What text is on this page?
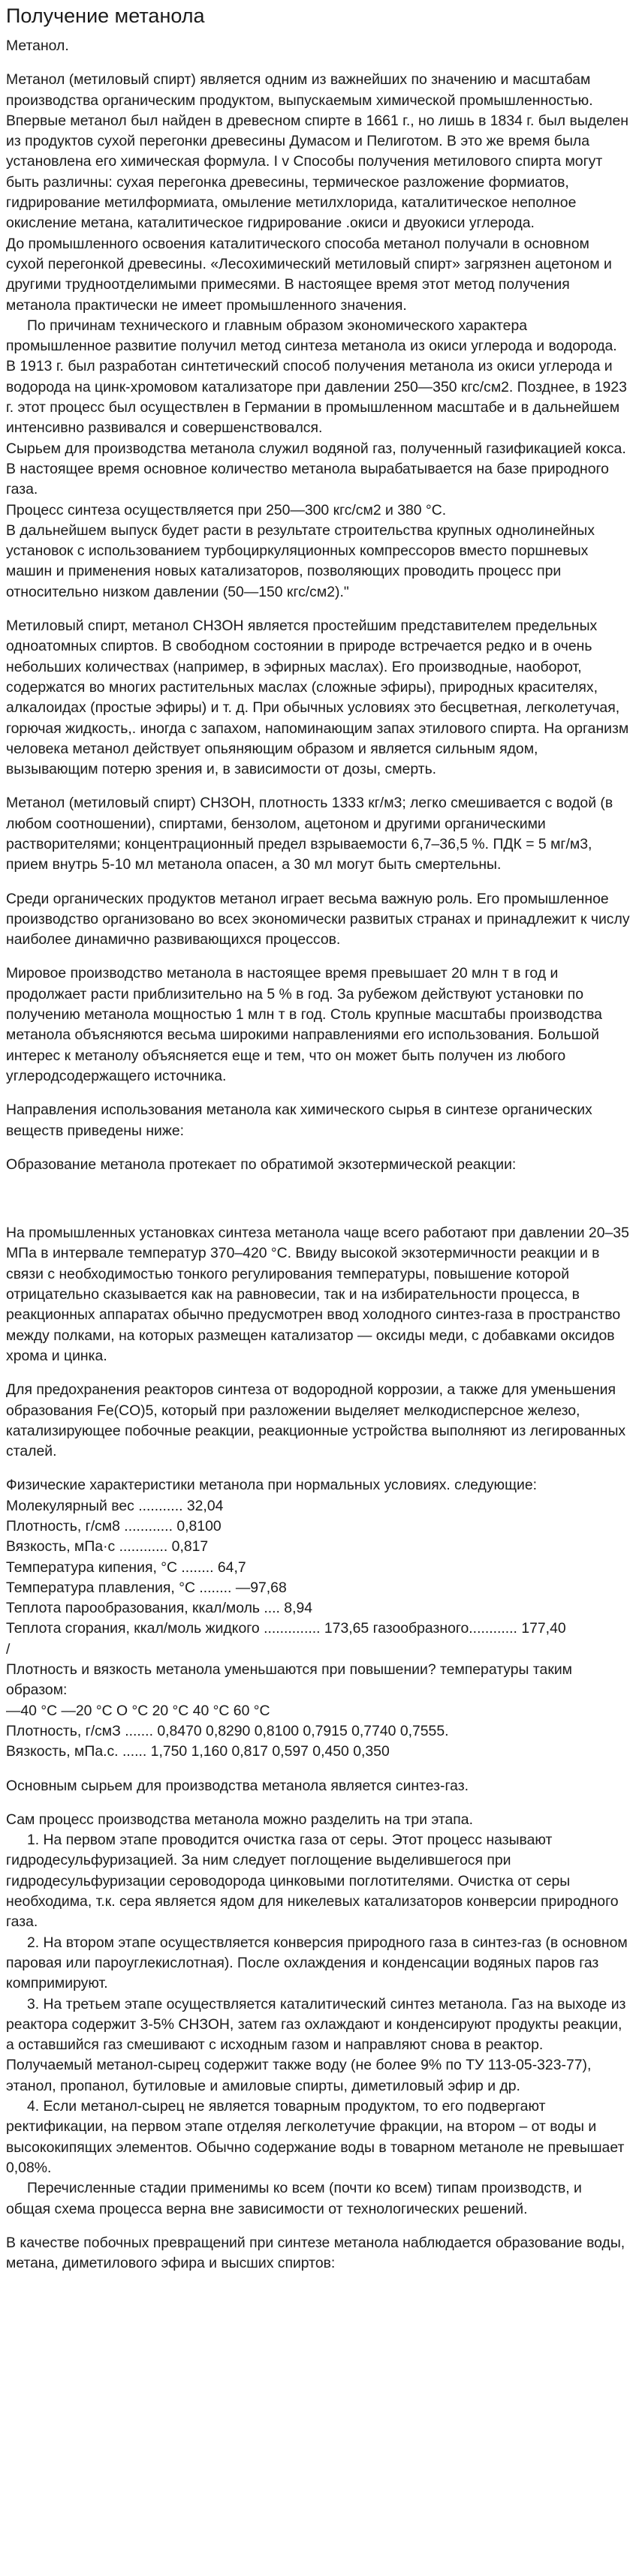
Получение метанола

Метанол.

Метанол (метиловый спирт) является одним из важнейших по значению и масштабам производства органическим продуктом, выпускаемым химической промышленностью. Впервые метанол был найден в древесном спирте в 1661 г., но лишь в 1834 г. был выделен из продуктов сухой перегонки древесины Думасом и Пелиготом. В это же время была установлена его химическая формула. I v Способы получения метилового спирта могут быть различны: сухая перегонка древесины, термическое разложение формиатов, гидрирование метилформиата, омыление метилхлорида, каталитическое неполное окисление метана, каталитическое гидрирование .окиси и двуокиси углерода.
До промышленного освоения каталитического способа метанол получали в основном сухой перегонкой древесины. «Лесохимический метиловый спирт» загрязнен ацетоном и другими трудноотделимыми примесями. В настоящее время этот метод получения метанола практически не имеет промышленного значения.
По причинам технического и главным образом экономического характера промышленное развитие получил метод синтеза метанола из окиси углерода и водорода.
В 1913 г. был разработан синтетический способ получения метанола из окиси углерода и водорода на цинк-хромовом катализаторе при давлении 250—350 кгс/см2. Позднее, в 1923 г. этот процесс был осуществлен в Германии в промышленном масштабе и в дальнейшем интенсивно развивался и совершенствовался.
Сырьем для производства метанола служил водяной газ, полученный газификацией кокса. В настоящее время основное количество метанола вырабатывается на базе природного газа.
Процесс синтеза осуществляется при 250—300 кгс/см2 и 380 °С.
В дальнейшем выпуск будет расти в результате строительства крупных однолинейных установок с использованием турбоциркуляционных компрессоров вместо поршневых машин и применения новых катализаторов, позволяющих проводить процесс при относительно низком давлении (50—150 кгс/см2)."

Метиловый спирт, метанол CH3OH является простейшим представителем предельных одноатомных спиртов. В свободном состоянии в природе встречается редко и в очень небольших количествах (например, в эфирных маслах). Его производные, наоборот, содержатся во многих растительных маслах (сложные эфиры), природных красителях, алкалоидах (простые эфиры) и т. д. При обычных условиях это бесцветная, легколетучая, горючая жидкость,. иногда с запахом, напоминающим запах этилового спирта. На организм человека метанол действует опьяняющим образом и является сильным ядом, вызывающим потерю зрения и, в зависимости от дозы, смерть.

Метанол (метиловый спирт) CH3OH, плотность 1333 кг/м3; легко смешивается с водой (в любом соотношении), спиртами, бензолом, ацетоном и другими органическими растворителями; концентрационный предел взрываемости 6,7–36,5 %. ПДК = 5 мг/м3, прием внутрь 5-10 мл метанола опасен, а 30 мл могут быть смертельны.

Среди органических продуктов метанол играет весьма важную роль. Его промышленное производство организовано во всех экономически развитых странах и принадлежит к числу наиболее динамично развивающихся процессов.

Мировое производство метанола в настоящее время превышает 20 млн т в год и продолжает расти приблизительно на 5 % в год. За рубежом действуют установки по получению метанола мощностью 1 млн т в год. Столь крупные масштабы производства метанола объясняются весьма широкими направлениями его использования. Большой интерес к метанолу объясняется еще и тем, что он может быть получен из любого углеродсодержащего источника.

Направления использования метанола как химического сырья в синтезе органических веществ приведены ниже:

Образование метанола протекает по обратимой экзотермической реакции:

На промышленных установках синтеза метанола чаще всего работают при давлении 20–35 МПа в интервале температур 370–420 °С. Ввиду высокой экзотермичности реакции и в связи с необходимостью тонкого регулирования температуры, повышение которой отрицательно сказывается как на равновесии, так и на избирательности процесса, в реакционных аппаратах обычно предусмотрен ввод холодного синтез-газа в пространство между полками, на которых размещен катализатор — оксиды меди, с добавками оксидов хрома и цинка.

Для предохранения реакторов синтеза от водородной коррозии, а также для уменьшения образования Fe(CO)5, который при разложении выделяет мелкодисперсное железо, катализирующее побочные реакции, реакционные устройства выполняют из легированных сталей.

Физические характеристики метанола при нормальных условиях. следующие:
Молекулярный вес ........... 32,04
Плотность, г/см8 ............ 0,8100
Вязкость, мПа·с ............ 0,817
Температура кипения, °С ........ 64,7
Температура плавления, °С ........ —97,68
Теплота парообразования, ккал/моль .... 8,94
Теплота сгорания, ккал/моль жидкого .............. 173,65 газообразного............ 177,40
/
Плотность и вязкость метанола уменьшаются при повышении? температуры таким образом:
—40 °С —20 °С О °С 20 °С 40 °С 60 °С
Плотность, г/смЗ ....... 0,8470 0,8290 0,8100 0,7915 0,7740 0,7555.
Вязкость, мПа.с. ...... 1,750 1,160 0,817 0,597 0,450 0,350

Основным сырьем для производства метанола является синтез-газ.

Сам процесс производства метанола можно разделить на три этапа.
1. На первом этапе проводится очистка газа от серы. Этот процесс называют гидродесульфуризацией. За ним следует поглощение выделившегося при гидродесульфуризации сероводорода цинковыми поглотителями. Очистка от серы необходима, т.к. сера является ядом для никелевых катализаторов конверсии природного газа.
2. На втором этапе осуществляется конверсия природного газа в синтез-газ (в основном паровая или пароуглекислотная). После охлаждения и конденсации водяных паров газ компримируют.
3. На третьем этапе осуществляется каталитический синтез метанола. Газ на выходе из реактора содержит 3-5% СНЗОН, затем газ охлаждают и конденсируют продукты реакции, а оставшийся газ смешивают с исходным газом и направляют снова в реактор. Получаемый метанол-сырец содержит также воду (не более 9% по ТУ 113-05-323-77), этанол, пропанол, бутиловые и амиловые спирты, диметиловый эфир и др.
4. Если метанол-сырец не является товарным продуктом, то его подвергают ректификации, на первом этапе отделяя легколетучие фракции, на втором – от воды и высококипящих элементов. Обычно содержание воды в товарном метаноле не превышает 0,08%.
Перечисленные стадии применимы ко всем (почти ко всем) типам производств, и общая схема процесса верна вне зависимости от технологических решений.

В качестве побочных превращений при синтезе метанола наблюдается образование воды, метана, диметилового эфира и высших спиртов:
